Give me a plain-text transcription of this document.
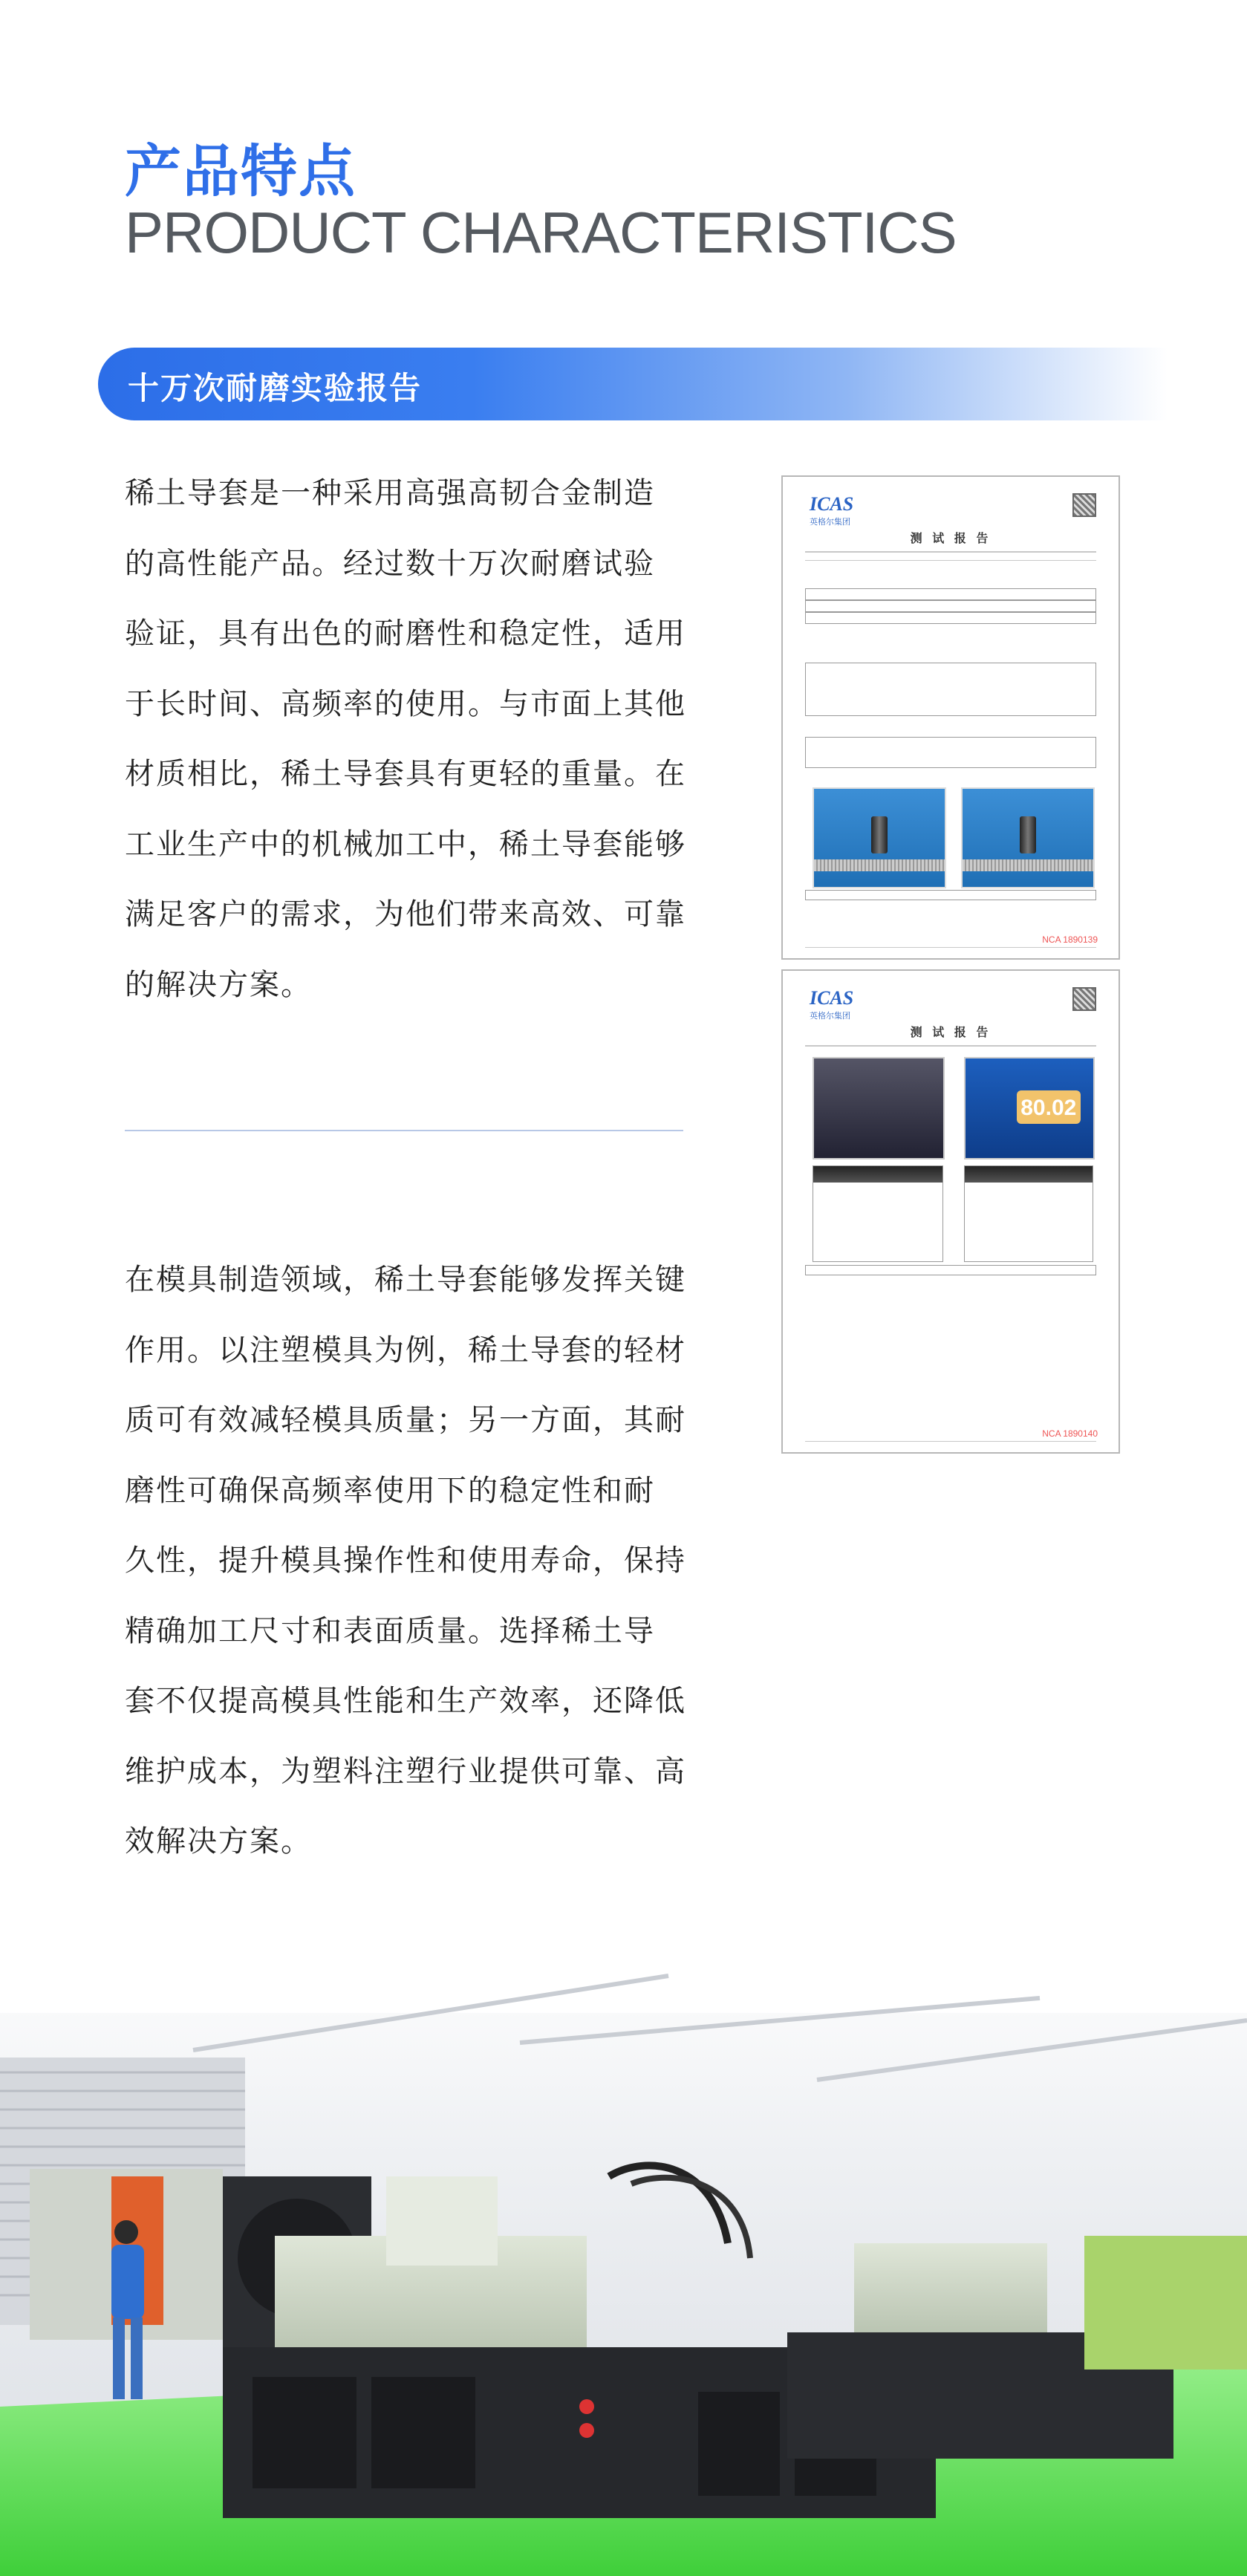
产品特点
PRODUCT CHARACTERISTICS
十万次耐磨实验报告
稀土导套是一种采用高强高韧合金制造
的高性能产品。经过数十万次耐磨试验
验证，具有出色的耐磨性和稳定性，适用
于长时间、高频率的使用。与市面上其他
材质相比，稀土导套具有更轻的重量。在
工业生产中的机械加工中，稀土导套能够
满足客户的需求，为他们带来高效、可靠
的解决方案。
在模具制造领域，稀土导套能够发挥关键
作用。以注塑模具为例，稀土导套的轻材
质可有效减轻模具质量；另一方面，其耐
磨性可确保高频率使用下的稳定性和耐
久性，提升模具操作性和使用寿命，保持
精确加工尺寸和表面质量。选择稀土导
套不仅提高模具性能和生产效率，还降低
维护成本，为塑料注塑行业提供可靠、高
效解决方案。
ICAS
英格尔集团
测 试 报 告
NCA 1890139
ICAS
英格尔集团
测 试 报 告
80.02
NCA 1890140
